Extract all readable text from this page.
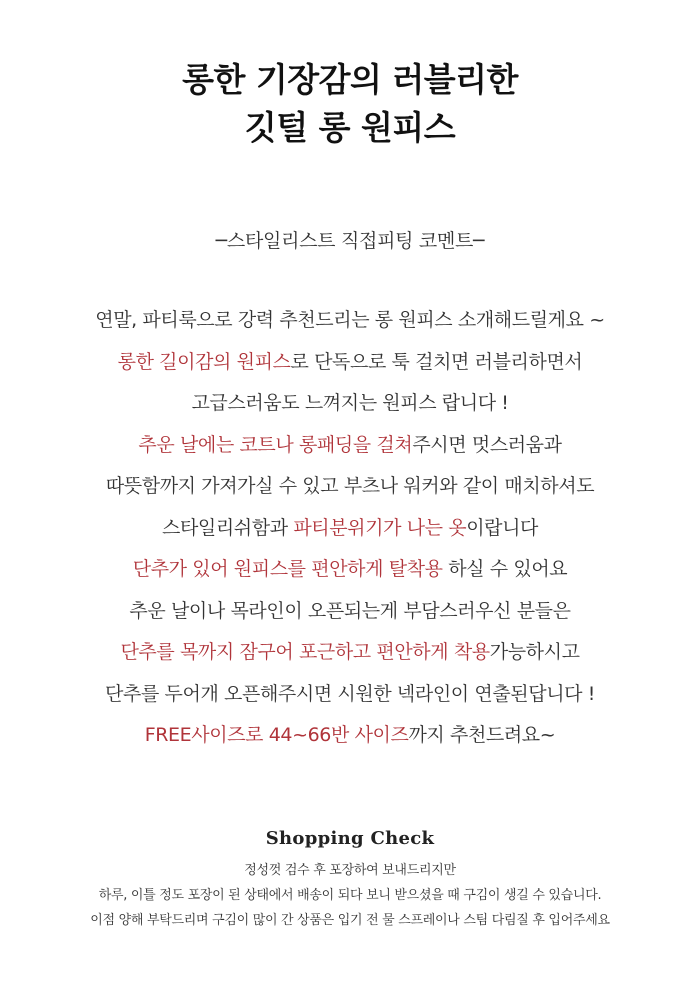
롱한 기장감의 러블리한
깃털 롱 원피스
─스타일리스트 직접피팅 코멘트─
연말, 파티룩으로 강력 추천드리는 롱 원피스 소개해드릴게요 ~
롱한 길이감의 원피스로 단독으로 툭 걸치면 러블리하면서
고급스러움도 느껴지는 원피스 랍니다 !
추운 날에는 코트나 롱패딩을 걸쳐주시면 멋스러움과
따뜻함까지 가져가실 수 있고 부츠나 워커와 같이 매치하셔도
스타일리쉬함과 파티분위기가 나는 옷이랍니다
단추가 있어 원피스를 편안하게 탈착용 하실 수 있어요
추운 날이나 목라인이 오픈되는게 부담스러우신 분들은
단추를 목까지 잠구어 포근하고 편안하게 착용가능하시고
단추를 두어개 오픈해주시면 시원한 넥라인이 연출된답니다 !
FREE사이즈로 44~66반 사이즈까지 추천드려요~
Shopping Check
정성껏 검수 후 포장하여 보내드리지만
하루, 이틀 정도 포장이 된 상태에서 배송이 되다 보니 받으셨을 때 구김이 생길 수 있습니다.
이점 양해 부탁드리며 구김이 많이 간 상품은 입기 전 물 스프레이나 스팀 다림질 후 입어주세요
